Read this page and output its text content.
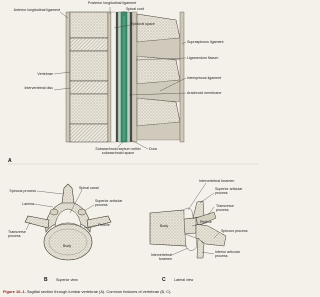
Posterior longitudinal ligament
Spinal cord
Anterior longitudinal ligament
Epidural space
Supraspinous ligament
Ligamentum flavum
Vertebrae
Intervertebral disc
Interspinous ligament
Arachnoid membrane
Subarachnoid septum within subarachnoid space
Dura
A
Spinous process
Spinal canal
Lamina
Superior articular process
Pedicle
Transverse process
Body
B Superior view
Intervertebral foramen
Superior articular process
Body
Transverse process
Pedicle
Spinous process
Intervertebral foramen
Inferior articular process
C Lateral view
Figure 16–1. Sagittal section through lumbar vertebrae (A). Common features of vertebrae (B, C).
